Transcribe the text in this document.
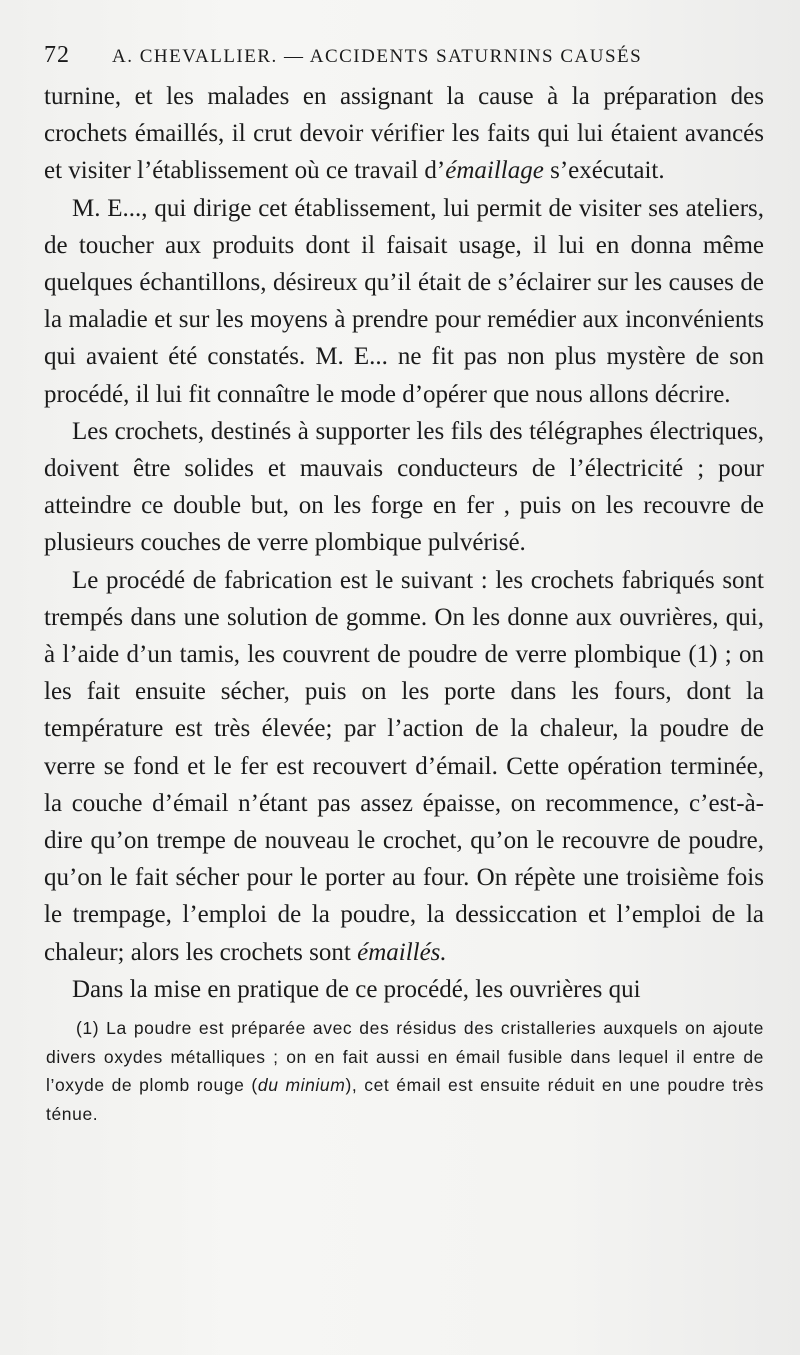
72	A. CHEVALLIER. — ACCIDENTS SATURNINS CAUSÉS

turnine, et les malades en assignant la cause à la préparation des crochets émaillés, il crut devoir vérifier les faits qui lui étaient avancés et visiter l’établissement où ce travail d’émaillage s’exécutait.

M. E..., qui dirige cet établissement, lui permit de visiter ses ateliers, de toucher aux produits dont il faisait usage, il lui en donna même quelques échantillons, désireux qu’il était de s’éclairer sur les causes de la maladie et sur les moyens à prendre pour remédier aux inconvénients qui avaient été constatés. M. E... ne fit pas non plus mystère de son procédé, il lui fit connaître le mode d’opérer que nous allons décrire.

Les crochets, destinés à supporter les fils des télégraphes électriques, doivent être solides et mauvais conducteurs de l’électricité ; pour atteindre ce double but, on les forge en fer , puis on les recouvre de plusieurs couches de verre plombique pulvérisé.

Le procédé de fabrication est le suivant : les crochets fabriqués sont trempés dans une solution de gomme. On les donne aux ouvrières, qui, à l’aide d’un tamis, les couvrent de poudre de verre plombique (1) ; on les fait ensuite sécher, puis on les porte dans les fours, dont la température est très élevée; par l’action de la chaleur, la poudre de verre se fond et le fer est recouvert d’émail. Cette opération terminée, la couche d’émail n’étant pas assez épaisse, on recommence, c’est-à-dire qu’on trempe de nouveau le crochet, qu’on le recouvre de poudre, qu’on le fait sécher pour le porter au four. On répète une troisième fois le trempage, l’emploi de la poudre, la dessiccation et l’emploi de la chaleur; alors les crochets sont émaillés.

Dans la mise en pratique de ce procédé, les ouvrières qui

(1) La poudre est préparée avec des résidus des cristalleries auxquels on ajoute divers oxydes métalliques ; on en fait aussi en émail fusible dans lequel il entre de l’oxyde de plomb rouge (du minium), cet émail est ensuite réduit en une poudre très ténue.
